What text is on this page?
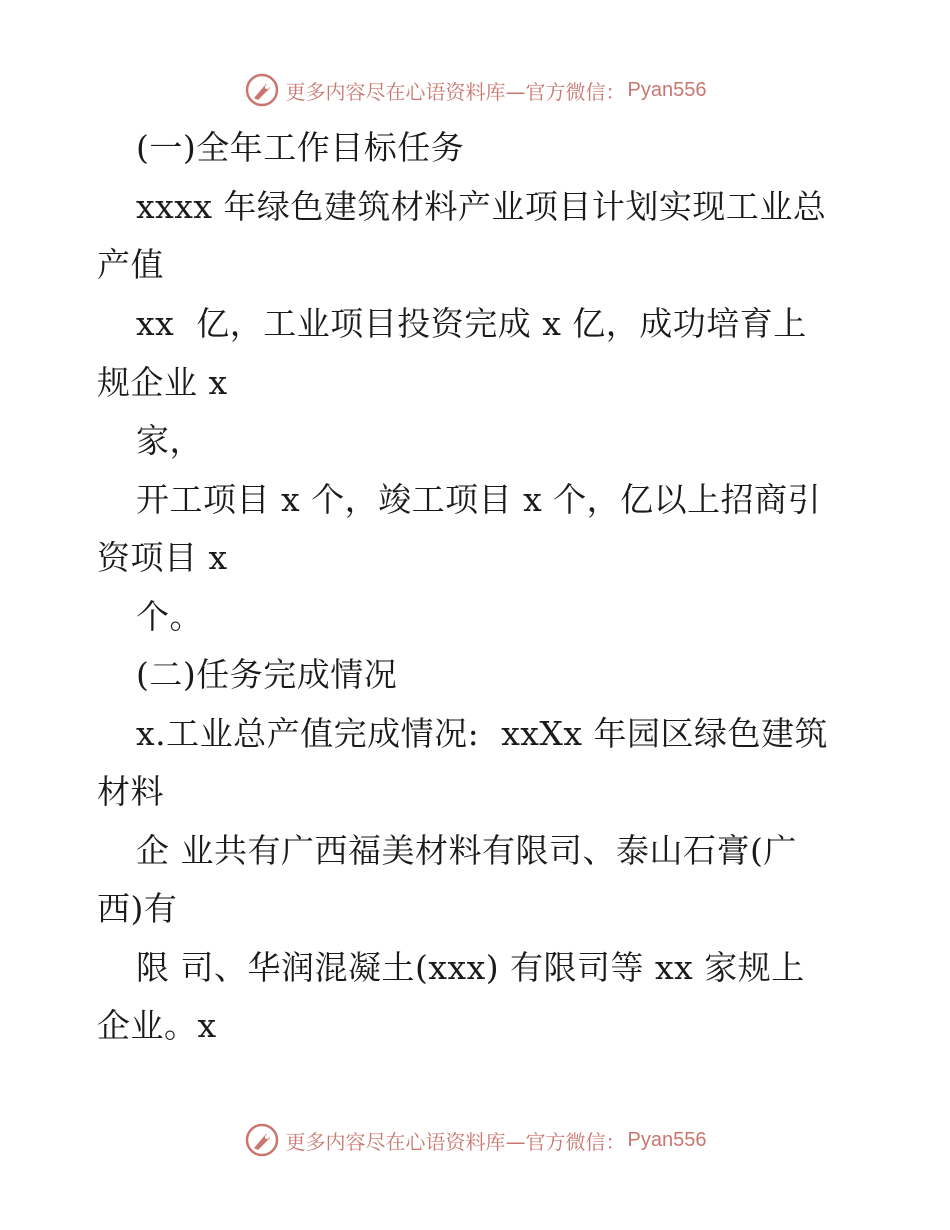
更多内容尽在心语资料库—官方微信： Pyan556
(一)全年工作目标任务
xxxx 年绿色建筑材料产业项目计划实现工业总
产值
xx  亿，工业项目投资完成 x 亿，成功培育上
规企业 x
家，
开工项目 x 个，竣工项目 x 个，亿以上招商引
资项目 x
个。
(二)任务完成情况
x.工业总产值完成情况:  xxXx 年园区绿色建筑
材料
企 业共有广西福美材料有限司、泰山石膏(广
西)有
限 司、华润混凝土(xxx) 有限司等 xx 家规上
企业。x
更多内容尽在心语资料库—官方微信： Pyan556
